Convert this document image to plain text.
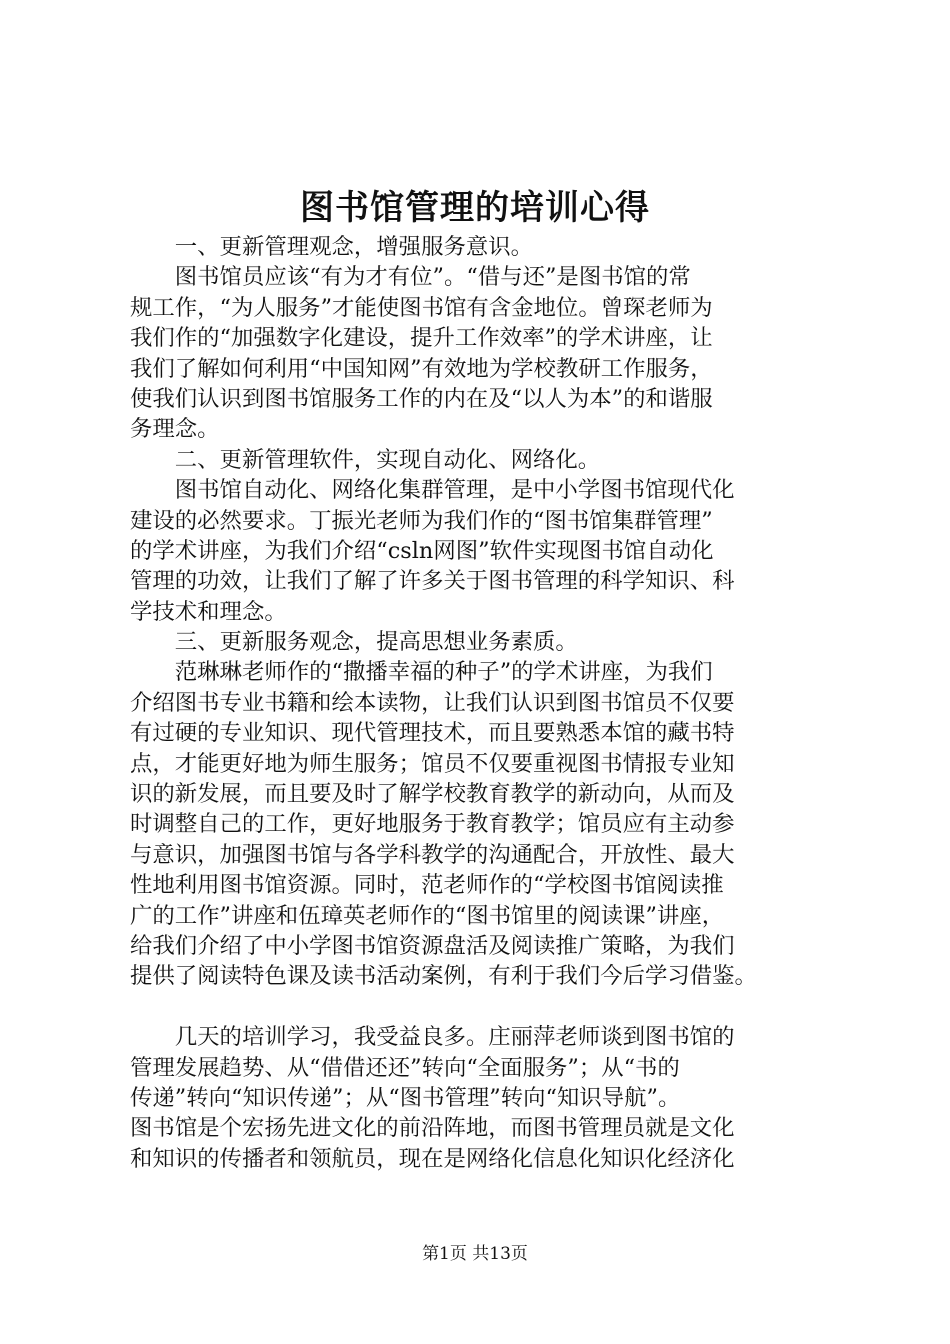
图书馆管理的培训心得
　　一、更新管理观念，增强服务意识。
　　图书馆员应该“有为才有位”。“借与还”是图书馆的常
规工作，“为人服务”才能使图书馆有含金地位。曾琛老师为
我们作的“加强数字化建设，提升工作效率”的学术讲座，让
我们了解如何利用“中国知网”有效地为学校教研工作服务，
使我们认识到图书馆服务工作的内在及“以人为本”的和谐服
务理念。
　　二、更新管理软件，实现自动化、网络化。
　　图书馆自动化、网络化集群管理，是中小学图书馆现代化
建设的必然要求。丁振光老师为我们作的“图书馆集群管理”
的学术讲座，为我们介绍“csln网图”软件实现图书馆自动化
管理的功效，让我们了解了许多关于图书管理的科学知识、科
学技术和理念。
　　三、更新服务观念，提高思想业务素质。
　　范琳琳老师作的“撒播幸福的种子”的学术讲座，为我们
介绍图书专业书籍和绘本读物，让我们认识到图书馆员不仅要
有过硬的专业知识、现代管理技术，而且要熟悉本馆的藏书特
点，才能更好地为师生服务；馆员不仅要重视图书情报专业知
识的新发展，而且要及时了解学校教育教学的新动向，从而及
时调整自己的工作，更好地服务于教育教学；馆员应有主动参
与意识，加强图书馆与各学科教学的沟通配合，开放性、最大
性地利用图书馆资源。同时，范老师作的“学校图书馆阅读推
广的工作”讲座和伍璋英老师作的“图书馆里的阅读课”讲座，
给我们介绍了中小学图书馆资源盘活及阅读推广策略，为我们
提供了阅读特色课及读书活动案例，有利于我们今后学习借鉴。
　　几天的培训学习，我受益良多。庄丽萍老师谈到图书馆的
管理发展趋势、从“借借还还”转向“全面服务”；从“书的
传递”转向“知识传递”；从“图书管理”转向“知识导航”。
图书馆是个宏扬先进文化的前沿阵地，而图书管理员就是文化
和知识的传播者和领航员，现在是网络化信息化知识化经济化
第1页 共13页
